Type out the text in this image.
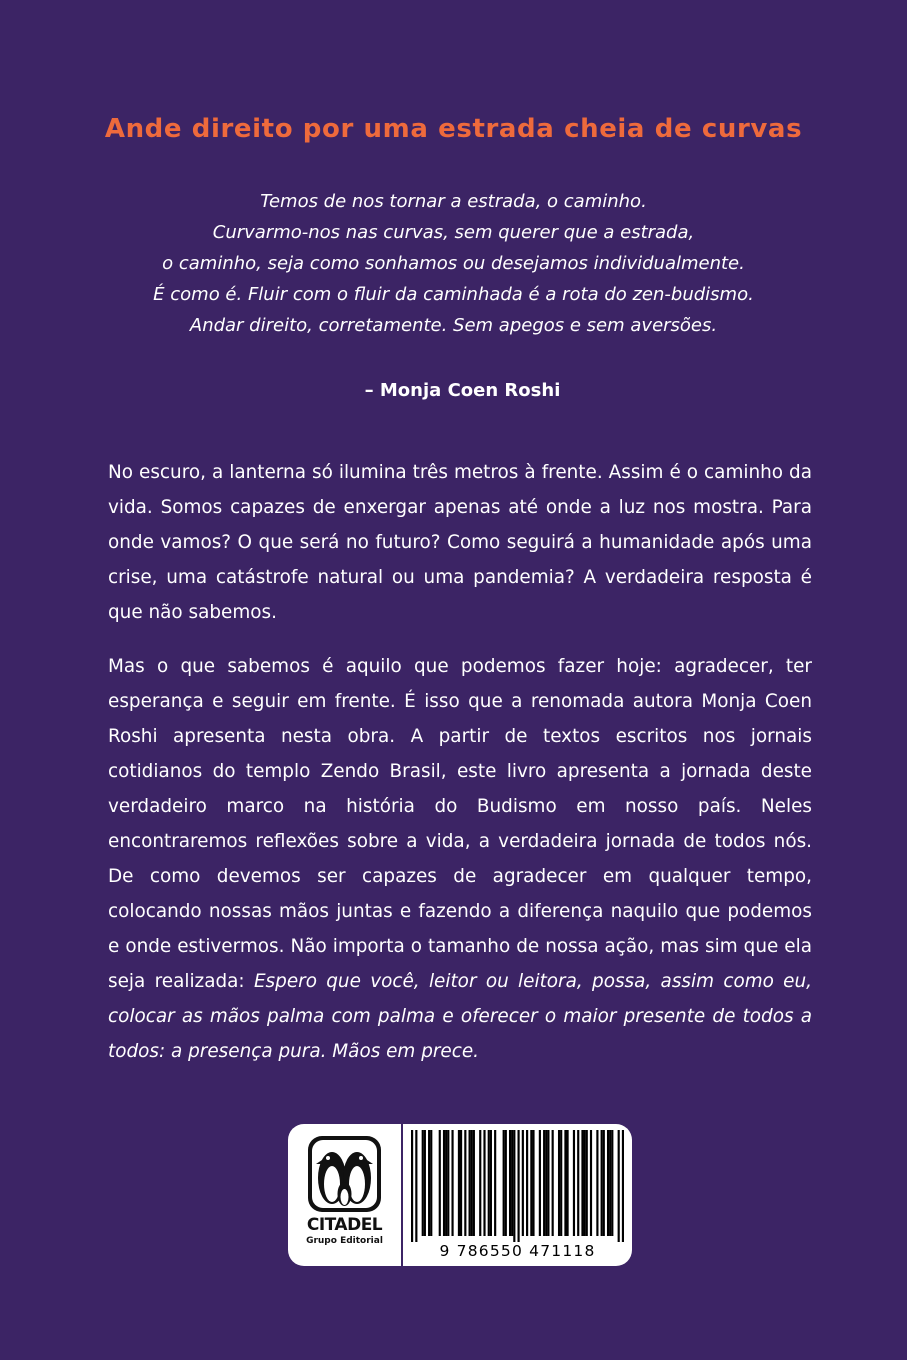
Ande direito por uma estrada cheia de curvas
Temos de nos tornar a estrada, o caminho.
Curvarmo-nos nas curvas, sem querer que a estrada,
o caminho, seja como sonhamos ou desejamos individualmente.
É como é. Fluir com o fluir da caminhada é a rota do zen-budismo.
Andar direito, corretamente. Sem apegos e sem aversões.
– Monja Coen Roshi

No escuro, a lanterna só ilumina três metros à frente. Assim é o caminho da vida. Somos capazes de enxergar apenas até onde a luz nos mostra. Para onde vamos? O que será no futuro? Como seguirá a humanidade após uma crise, uma catástrofe natural ou uma pandemia? A verdadeira resposta é que não sabemos.

Mas o que sabemos é aquilo que podemos fazer hoje: agradecer, ter esperança e seguir em frente. É isso que a renomada autora Monja Coen Roshi apresenta nesta obra. A partir de textos escritos nos jornais cotidianos do templo Zendo Brasil, este livro apresenta a jornada deste verdadeiro marco na história do Budismo em nosso país. Neles encontraremos reflexões sobre a vida, a verdadeira jornada de todos nós. De como devemos ser capazes de agradecer em qualquer tempo, colocando nossas mãos juntas e fazendo a diferença naquilo que podemos e onde estivermos. Não importa o tamanho de nossa ação, mas sim que ela seja realizada: Espero que você, leitor ou leitora, possa, assim como eu, colocar as mãos palma com palma e oferecer o maior presente de todos a todos: a presença pura. Mãos em prece.

CITADEL
Grupo Editorial
9 786550 471118
